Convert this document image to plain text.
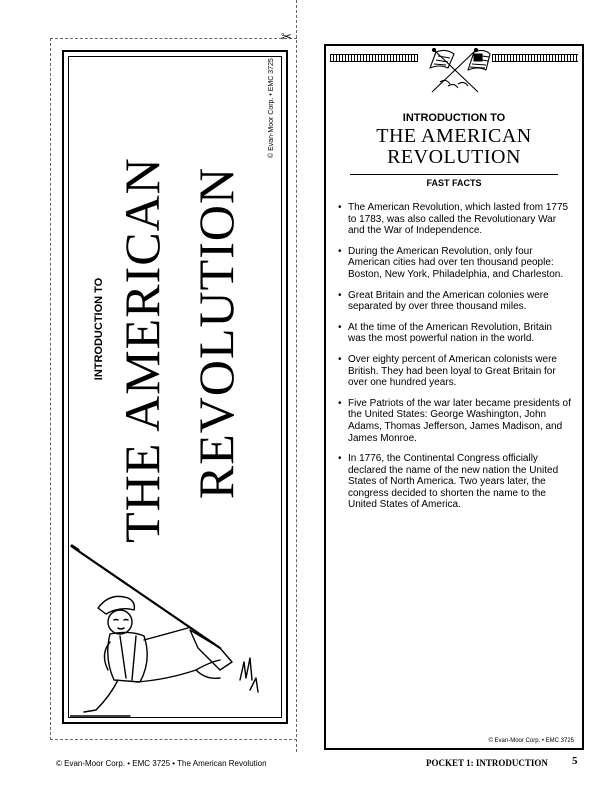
✂
© Evan-Moor Corp. • EMC 3725
INTRODUCTION TO THE AMERICAN REVOLUTION
INTRODUCTION TO
THE AMERICAN
REVOLUTION
FAST FACTS
• The American Revolution, which lasted from 1775 to 1783, was also called the Revolutionary War and the War of Independence.
• During the American Revolution, only four American cities had over ten thousand people: Boston, New York, Philadelphia, and Charleston.
• Great Britain and the American colonies were separated by over three thousand miles.
• At the time of the American Revolution, Britain was the most powerful nation in the world.
• Over eighty percent of American colonists were British. They had been loyal to Great Britain for over one hundred years.
• Five Patriots of the war later became presidents of the United States: George Washington, John Adams, Thomas Jefferson, James Madison, and James Monroe.
• In 1776, the Continental Congress officially declared the name of the new nation the United States of North America. Two years later, the congress decided to shorten the name to the United States of America.
© Evan-Moor Corp. • EMC 3725
© Evan-Moor Corp. • EMC 3725 • The American Revolution	POCKET 1: INTRODUCTION 5
